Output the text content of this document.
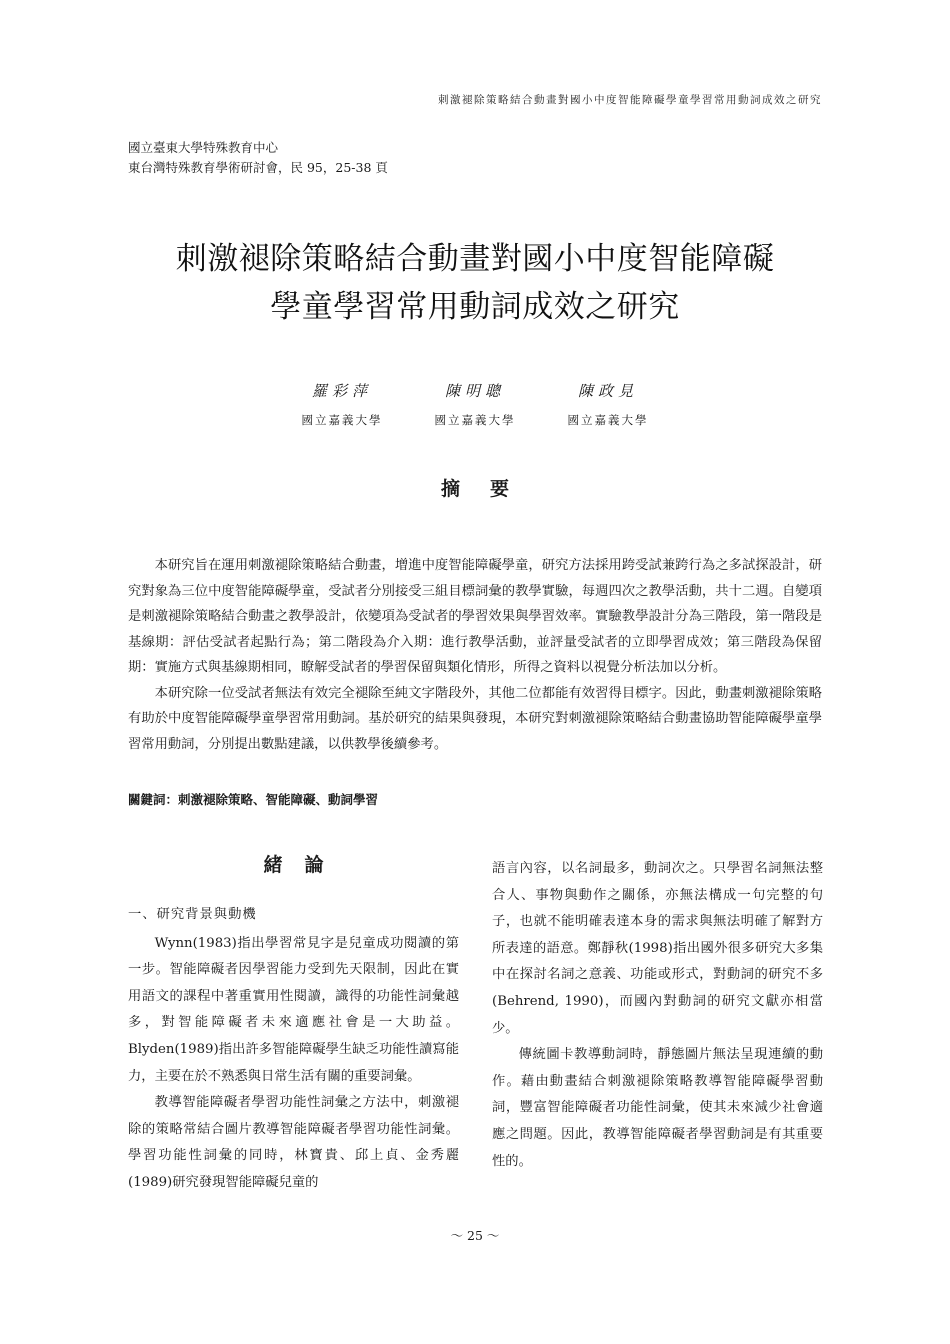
刺激褪除策略結合動畫對國小中度智能障礙學童學習常用動詞成效之研究
國立臺東大學特殊教育中心
東台灣特殊教育學術研討會，民 95，25-38 頁
刺激褪除策略結合動畫對國小中度智能障礙
學童學習常用動詞成效之研究
羅彩萍
國立嘉義大學
陳明聰
國立嘉義大學
陳政見
國立嘉義大學
摘要

本研究旨在運用刺激褪除策略結合動畫，增進中度智能障礙學童，研究方法採用跨受試兼跨行為之多試探設計，研究對象為三位中度智能障礙學童，受試者分別接受三組目標詞彙的教學實驗，每週四次之教學活動，共十二週。自變項是刺激褪除策略結合動畫之教學設計，依變項為受試者的學習效果與學習效率。實驗教學設計分為三階段，第一階段是基線期：評估受試者起點行為；第二階段為介入期：進行教學活動，並評量受試者的立即學習成效；第三階段為保留期：實施方式與基線期相同，瞭解受試者的學習保留與類化情形，所得之資料以視覺分析法加以分析。

本研究除一位受試者無法有效完全褪除至純文字階段外，其他二位都能有效習得目標字。因此，動畫刺激褪除策略有助於中度智能障礙學童學習常用動詞。基於研究的結果與發現，本研究對刺激褪除策略結合動畫協助智能障礙學童學習常用動詞，分別提出數點建議，以供教學後續參考。

關鍵詞：刺激褪除策略、智能障礙、動詞學習
緒論
一、研究背景與動機

Wynn(1983)指出學習常見字是兒童成功閱讀的第一步。智能障礙者因學習能力受到先天限制，因此在實用語文的課程中著重實用性閱讀，識得的功能性詞彙越多，對智能障礙者未來適應社會是一大助益。Blyden(1989)指出許多智能障礙學生缺乏功能性讀寫能力，主要在於不熟悉與日常生活有關的重要詞彙。

教導智能障礙者學習功能性詞彙之方法中，刺激褪除的策略常結合圖片教導智能障礙者學習功能性詞彙。學習功能性詞彙的同時，林寶貴、邱上貞、金秀麗(1989)研究發現智能障礙兒童的

語言內容，以名詞最多，動詞次之。只學習名詞無法整合人、事物與動作之關係，亦無法構成一句完整的句子，也就不能明確表達本身的需求與無法明確了解對方所表達的語意。鄭靜秋(1998)指出國外很多研究大多集中在探討名詞之意義、功能或形式，對動詞的研究不多(Behrend, 1990)，而國內對動詞的研究文獻亦相當少。

傳統圖卡教導動詞時，靜態圖片無法呈現連續的動作。藉由動畫結合刺激褪除策略教導智能障礙學習動詞，豐富智能障礙者功能性詞彙，使其未來減少社會適應之問題。因此，教導智能障礙者學習動詞是有其重要性的。

～ 25 ～
